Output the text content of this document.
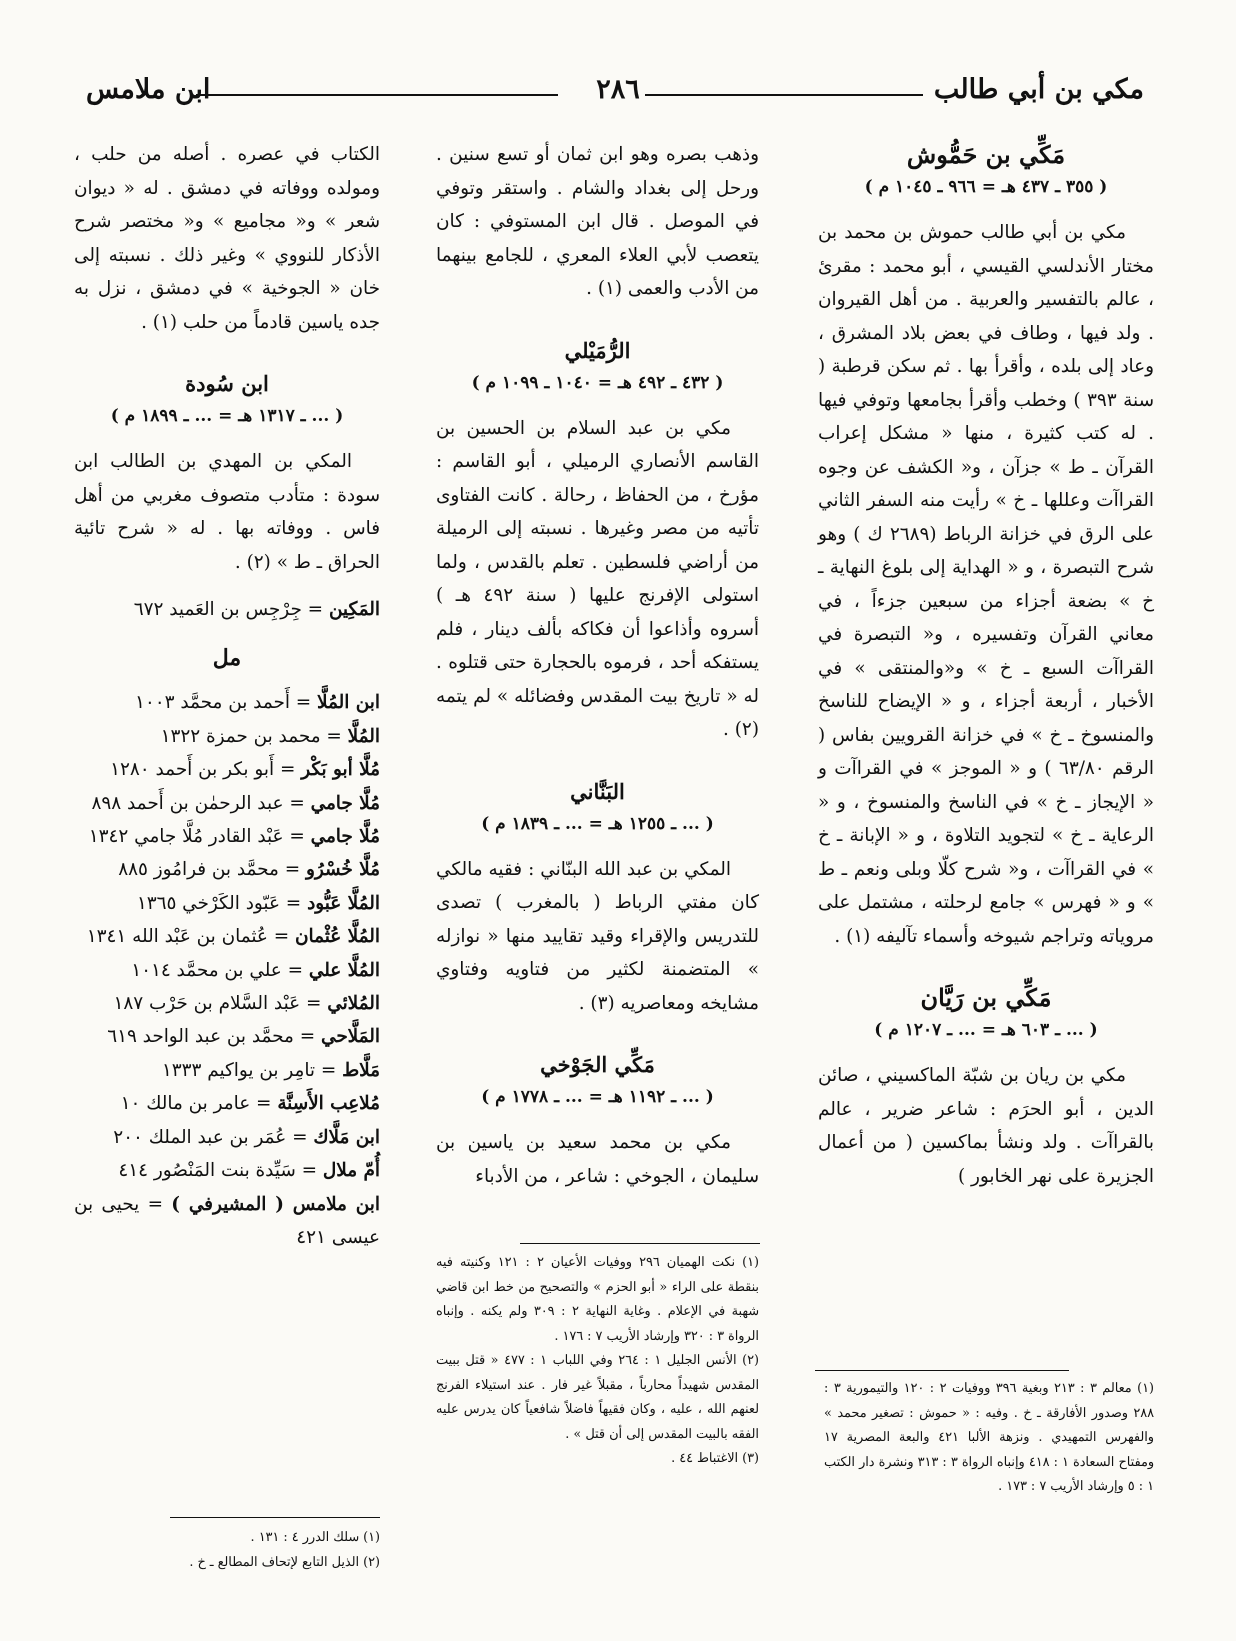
مكي بن أبي طالب
٢٨٦
ابن ملامس
مَكِّي بن حَمُّوش
( ٣٥٥ ـ ٤٣٧ هـ = ٩٦٦ ـ ١٠٤٥ م )

مكي بن أبي طالب حموش بن محمد بن مختار الأندلسي القيسي ، أبو محمد : مقرئ ، عالم بالتفسير والعربية . من أهل القيروان . ولد فيها ، وطاف في بعض بلاد المشرق ، وعاد إلى بلده ، وأقرأ بها . ثم سكن قرطبة ( سنة ٣٩٣ ) وخطب وأقرأ بجامعها وتوفي فيها . له كتب كثيرة ، منها « مشكل إعراب القرآن ـ ط » جزآن ، و« الكشف عن وجوه القراآت وعللها ـ خ » رأيت منه السفر الثاني على الرق في خزانة الرباط (٢٦٨٩ ك ) وهو شرح التبصرة ، و « الهداية إلى بلوغ النهاية ـ خ » بضعة أجزاء من سبعين جزءاً ، في معاني القرآن وتفسيره ، و« التبصرة في القراآت السبع ـ خ » و«والمنتقى » في الأخبار ، أربعة أجزاء ، و « الإيضاح للناسخ والمنسوخ ـ خ » في خزانة القرويين بفاس ( الرقم ٦٣/٨٠ ) و « الموجز » في القراآت و « الإيجاز ـ خ » في الناسخ والمنسوخ ، و « الرعاية ـ خ » لتجويد التلاوة ، و « الإبانة ـ خ » في القراآت ، و« شرح كلّا وبلى ونعم ـ ط » و « فهرس » جامع لرحلته ، مشتمل على مروياته وتراجم شيوخه وأسماء تآليفه (١) .

مَكِّي بن رَيَّان
( ... ـ ٦٠٣ هـ = ... ـ ١٢٠٧ م )

مكي بن ريان بن شبّة الماكسيني ، صائن الدين ، أبو الحرَم : شاعر ضرير ، عالم بالقراآت . ولد ونشأ بماكسين ( من أعمال الجزيرة على نهر الخابور )

وذهب بصره وهو ابن ثمان أو تسع سنين . ورحل إلى بغداد والشام . واستقر وتوفي في الموصل . قال ابن المستوفي : كان يتعصب لأبي العلاء المعري ، للجامع بينهما من الأدب والعمى (١) .

الرُّمَيْلي
( ٤٣٢ ـ ٤٩٢ هـ = ١٠٤٠ ـ ١٠٩٩ م )

مكي بن عبد السلام بن الحسين بن القاسم الأنصاري الرميلي ، أبو القاسم : مؤرخ ، من الحفاظ ، رحالة . كانت الفتاوى تأتيه من مصر وغيرها . نسبته إلى الرميلة من أراضي فلسطين . تعلم بالقدس ، ولما استولى الإفرنج عليها ( سنة ٤٩٢ هـ ) أسروه وأذاعوا أن فكاكه بألف دينار ، فلم يستفكه أحد ، فرموه بالحجارة حتى قتلوه . له « تاريخ بيت المقدس وفضائله » لم يتمه (٢) .

البَنَّاني
( ... ـ ١٢٥٥ هـ = ... ـ ١٨٣٩ م )

المكي بن عبد الله البنّاني : فقيه مالكي كان مفتي الرباط ( بالمغرب ) تصدى للتدريس والإقراء وقيد تقاييد منها « نوازله » المتضمنة لكثير من فتاويه وفتاوي مشايخه ومعاصريه (٣) .

مَكِّي الجَوْخي
( ... ـ ١١٩٢ هـ = ... ـ ١٧٧٨ م )

مكي بن محمد سعيد بن ياسين بن سليمان ، الجوخي : شاعر ، من الأدباء

الكتاب في عصره . أصله من حلب ، ومولده ووفاته في دمشق . له « ديوان شعر » و« مجاميع » و« مختصر شرح الأذكار للنووي » وغير ذلك . نسبته إلى خان « الجوخية » في دمشق ، نزل به جده ياسين قادماً من حلب (١) .

ابن سُودة
( ... ـ ١٣١٧ هـ = ... ـ ١٨٩٩ م )

المكي بن المهدي بن الطالب ابن سودة : متأدب متصوف مغربي من أهل فاس . ووفاته بها . له « شرح تائية الحراق ـ ط » (٢) .

المَكِين = جِرْجِس بن العَميد ٦٧٢
مل
ابن المُلَّا = أَحمد بن محمَّد ١٠٠٣
المُلَّا = محمد بن حمزة ١٣٢٢
مُلَّا أبو بَكْر = أَبو بكر بن أَحمد ١٢٨٠
مُلَّا جامي = عبد الرحمٰن بن أَحمد ٨٩٨
مُلَّا جامي = عَبْد القادر مُلَّا جامي ١٣٤٢
مُلَّا خُسْرُو = محمَّد بن فرامُوز ٨٨٥
المُلَّا عَبُّود = عَبّود الكَرْخي ١٣٦٥
المُلَّا عُثْمان = عُثمان بن عَبْد الله ١٣٤١
المُلَّا علي = علي بن محمَّد ١٠١٤
المُلائي = عَبْد السَّلام بن حَرْب ١٨٧
المَلَّاحي = محمَّد بن عبد الواحد ٦١٩
مَلَّاط = تامِر بن يواكيم ١٣٣٣
مُلاعِب الأَسِنَّة = عامر بن مالك ١٠
ابن مَلَّاك = عُمَر بن عبد الملك ٢٠٠
أُمّ ملال = سَيِّدة بنت المَنْصُور ٤١٤
ابن ملامس ( المشيرفي ) = يحيى بن عيسى ٤٢١

(١) معالم ٣ : ٢١٣ وبغية ٣٩٦ ووفيات ٢ : ١٢٠ والتيمورية ٣ : ٢٨٨ وصدور الأفارقة ـ خ . وفيه : « حموش : تصغير محمد » والفهرس التمهيدي . ونزهة الألبا ٤٢١ والبعة المصرية ١٧ ومفتاح السعادة ١ : ٤١٨ وإنباه الرواة ٣ : ٣١٣ ونشرة دار الكتب ١ : ٥ وإرشاد الأريب ٧ : ١٧٣ .

(١) نكت الهميان ٢٩٦ ووفيات الأعيان ٢ : ١٢١ وكنيته فيه بنقطة على الراء « أبو الحزم » والتصحيح من خط ابن قاضي شهبة في الإعلام . وغاية النهاية ٢ : ٣٠٩ ولم يكنه . وإنباه الرواة ٣ : ٣٢٠ وإرشاد الأريب ٧ : ١٧٦ .

(٢) الأنس الجليل ١ : ٢٦٤ وفي اللباب ١ : ٤٧٧ « قتل ببيت المقدس شهيداً محارباً ، مقبلاً غير فار . عند استيلاء الفرنج لعنهم الله ، عليه ، وكان فقيهاً فاضلاً شافعياً كان يدرس عليه الفقه بالبيت المقدس إلى أن قتل » .

(٣) الاغتباط ٤٤ .

(١) سلك الدرر ٤ : ١٣١ .

(٢) الذيل التابع لإتحاف المطالع ـ خ .
